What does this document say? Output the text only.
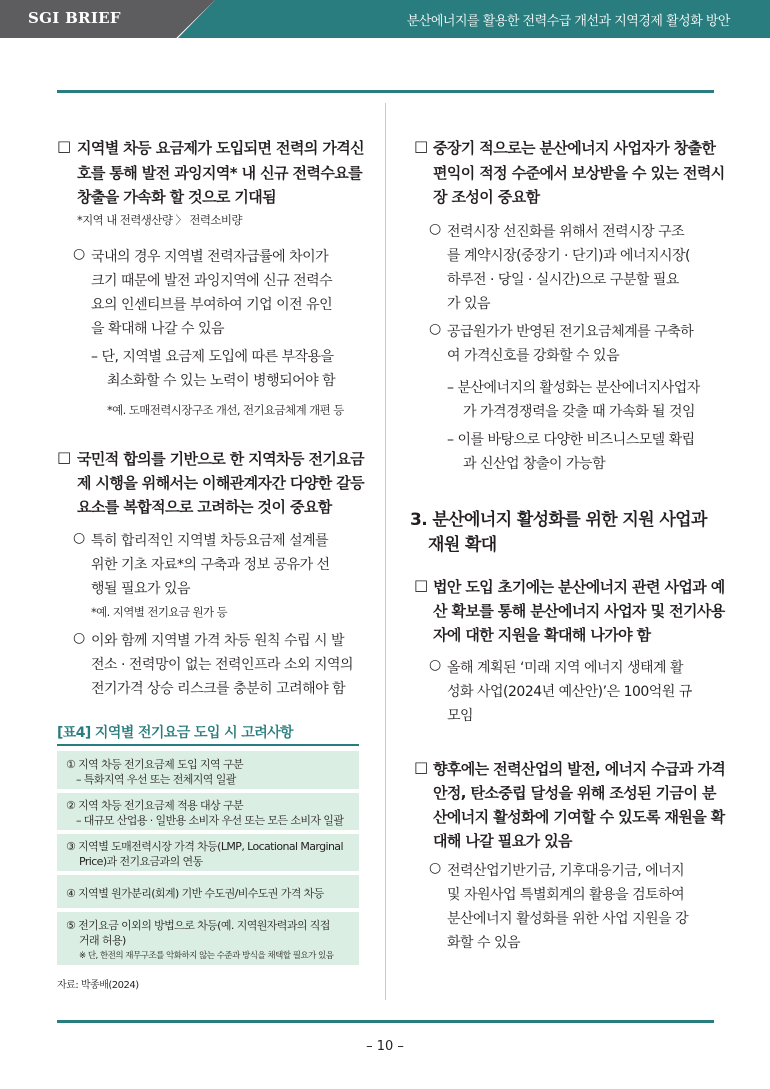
SGI BRIEF	분산에너지를 활용한 전력수급 개선과 지역경제 활성화 방안
□ 지역별 차등 요금제가 도입되면 전력의 가격신
호를 통해 발전 과잉지역* 내 신규 전력수요를
창출을 가속화 할 것으로 기대됨
*지역 내 전력생산량 〉 전력소비량
○ 국내의 경우 지역별 전력자급률에 차이가
크기 때문에 발전 과잉지역에 신규 전력수
요의 인센티브를 부여하여 기업 이전 유인
을 확대해 나갈 수 있음
– 단, 지역별 요금제 도입에 따른 부작용을
최소화할 수 있는 노력이 병행되어야 함
*예. 도매전력시장구조 개선, 전기요금체계 개편 등
□ 국민적 합의를 기반으로 한 지역차등 전기요금
제 시행을 위해서는 이해관계자간 다양한 갈등
요소를 복합적으로 고려하는 것이 중요함
○ 특히 합리적인 지역별 차등요금제 설계를
위한 기초 자료*의 구축과 정보 공유가 선
행될 필요가 있음
*예. 지역별 전기요금 원가 등
○ 이와 함께 지역별 가격 차등 원칙 수립 시 발
전소 · 전력망이 없는 전력인프라 소외 지역의
전기가격 상승 리스크를 충분히 고려해야 함
[표4] 지역별 전기요금 도입 시 고려사항
① 지역 차등 전기요금제 도입 지역 구분
– 특화지역 우선 또는 전체지역 일괄
② 지역 차등 전기요금제 적용 대상 구분
– 대규모 산업용 · 일반용 소비자 우선 또는 모든 소비자 일괄
③ 지역별 도매전력시장 가격 차등(LMP, Locational Marginal
Price)과 전기요금과의 연동
④ 지역별 원가분리(회계) 기반 수도권/비수도권 가격 차등
⑤ 전기요금 이외의 방법으로 차등(예. 지역원자력과의 직접
거래 허용)
※ 단, 한전의 재무구조를 악화하지 않는 수준과 방식을 채택할 필요가 있음
자료: 박종배(2024)
□ 중장기 적으로는 분산에너지 사업자가 창출한
편익이 적정 수준에서 보상받을 수 있는 전력시
장 조성이 중요함
○ 전력시장 선진화를 위해서 전력시장 구조
를 계약시장(중장기 · 단기)과 에너지시장(
하루전 · 당일 · 실시간)으로 구분할 필요
가 있음
○ 공급원가가 반영된 전기요금체계를 구축하
여 가격신호를 강화할 수 있음
– 분산에너지의 활성화는 분산에너지사업자
가 가격경쟁력을 갖출 때 가속화 될 것임
– 이를 바탕으로 다양한 비즈니스모델 확립
과 신산업 창출이 가능함
3. 분산에너지 활성화를 위한 지원 사업과
재원 확대
□ 법안 도입 초기에는 분산에너지 관련 사업과 예
산 확보를 통해 분산에너지 사업자 및 전기사용
자에 대한 지원을 확대해 나가야 함
○ 올해 계획된 ‘미래 지역 에너지 생태계 활
성화 사업(2024년 예산안)’은 100억원 규
모임
□ 향후에는 전력산업의 발전, 에너지 수급과 가격
안정, 탄소중립 달성을 위해 조성된 기금이 분
산에너지 활성화에 기여할 수 있도록 재원을 확
대해 나갈 필요가 있음
○ 전력산업기반기금, 기후대응기금, 에너지
및 자원사업 특별회계의 활용을 검토하여
분산에너지 활성화를 위한 사업 지원을 강
화할 수 있음
– 10 –
